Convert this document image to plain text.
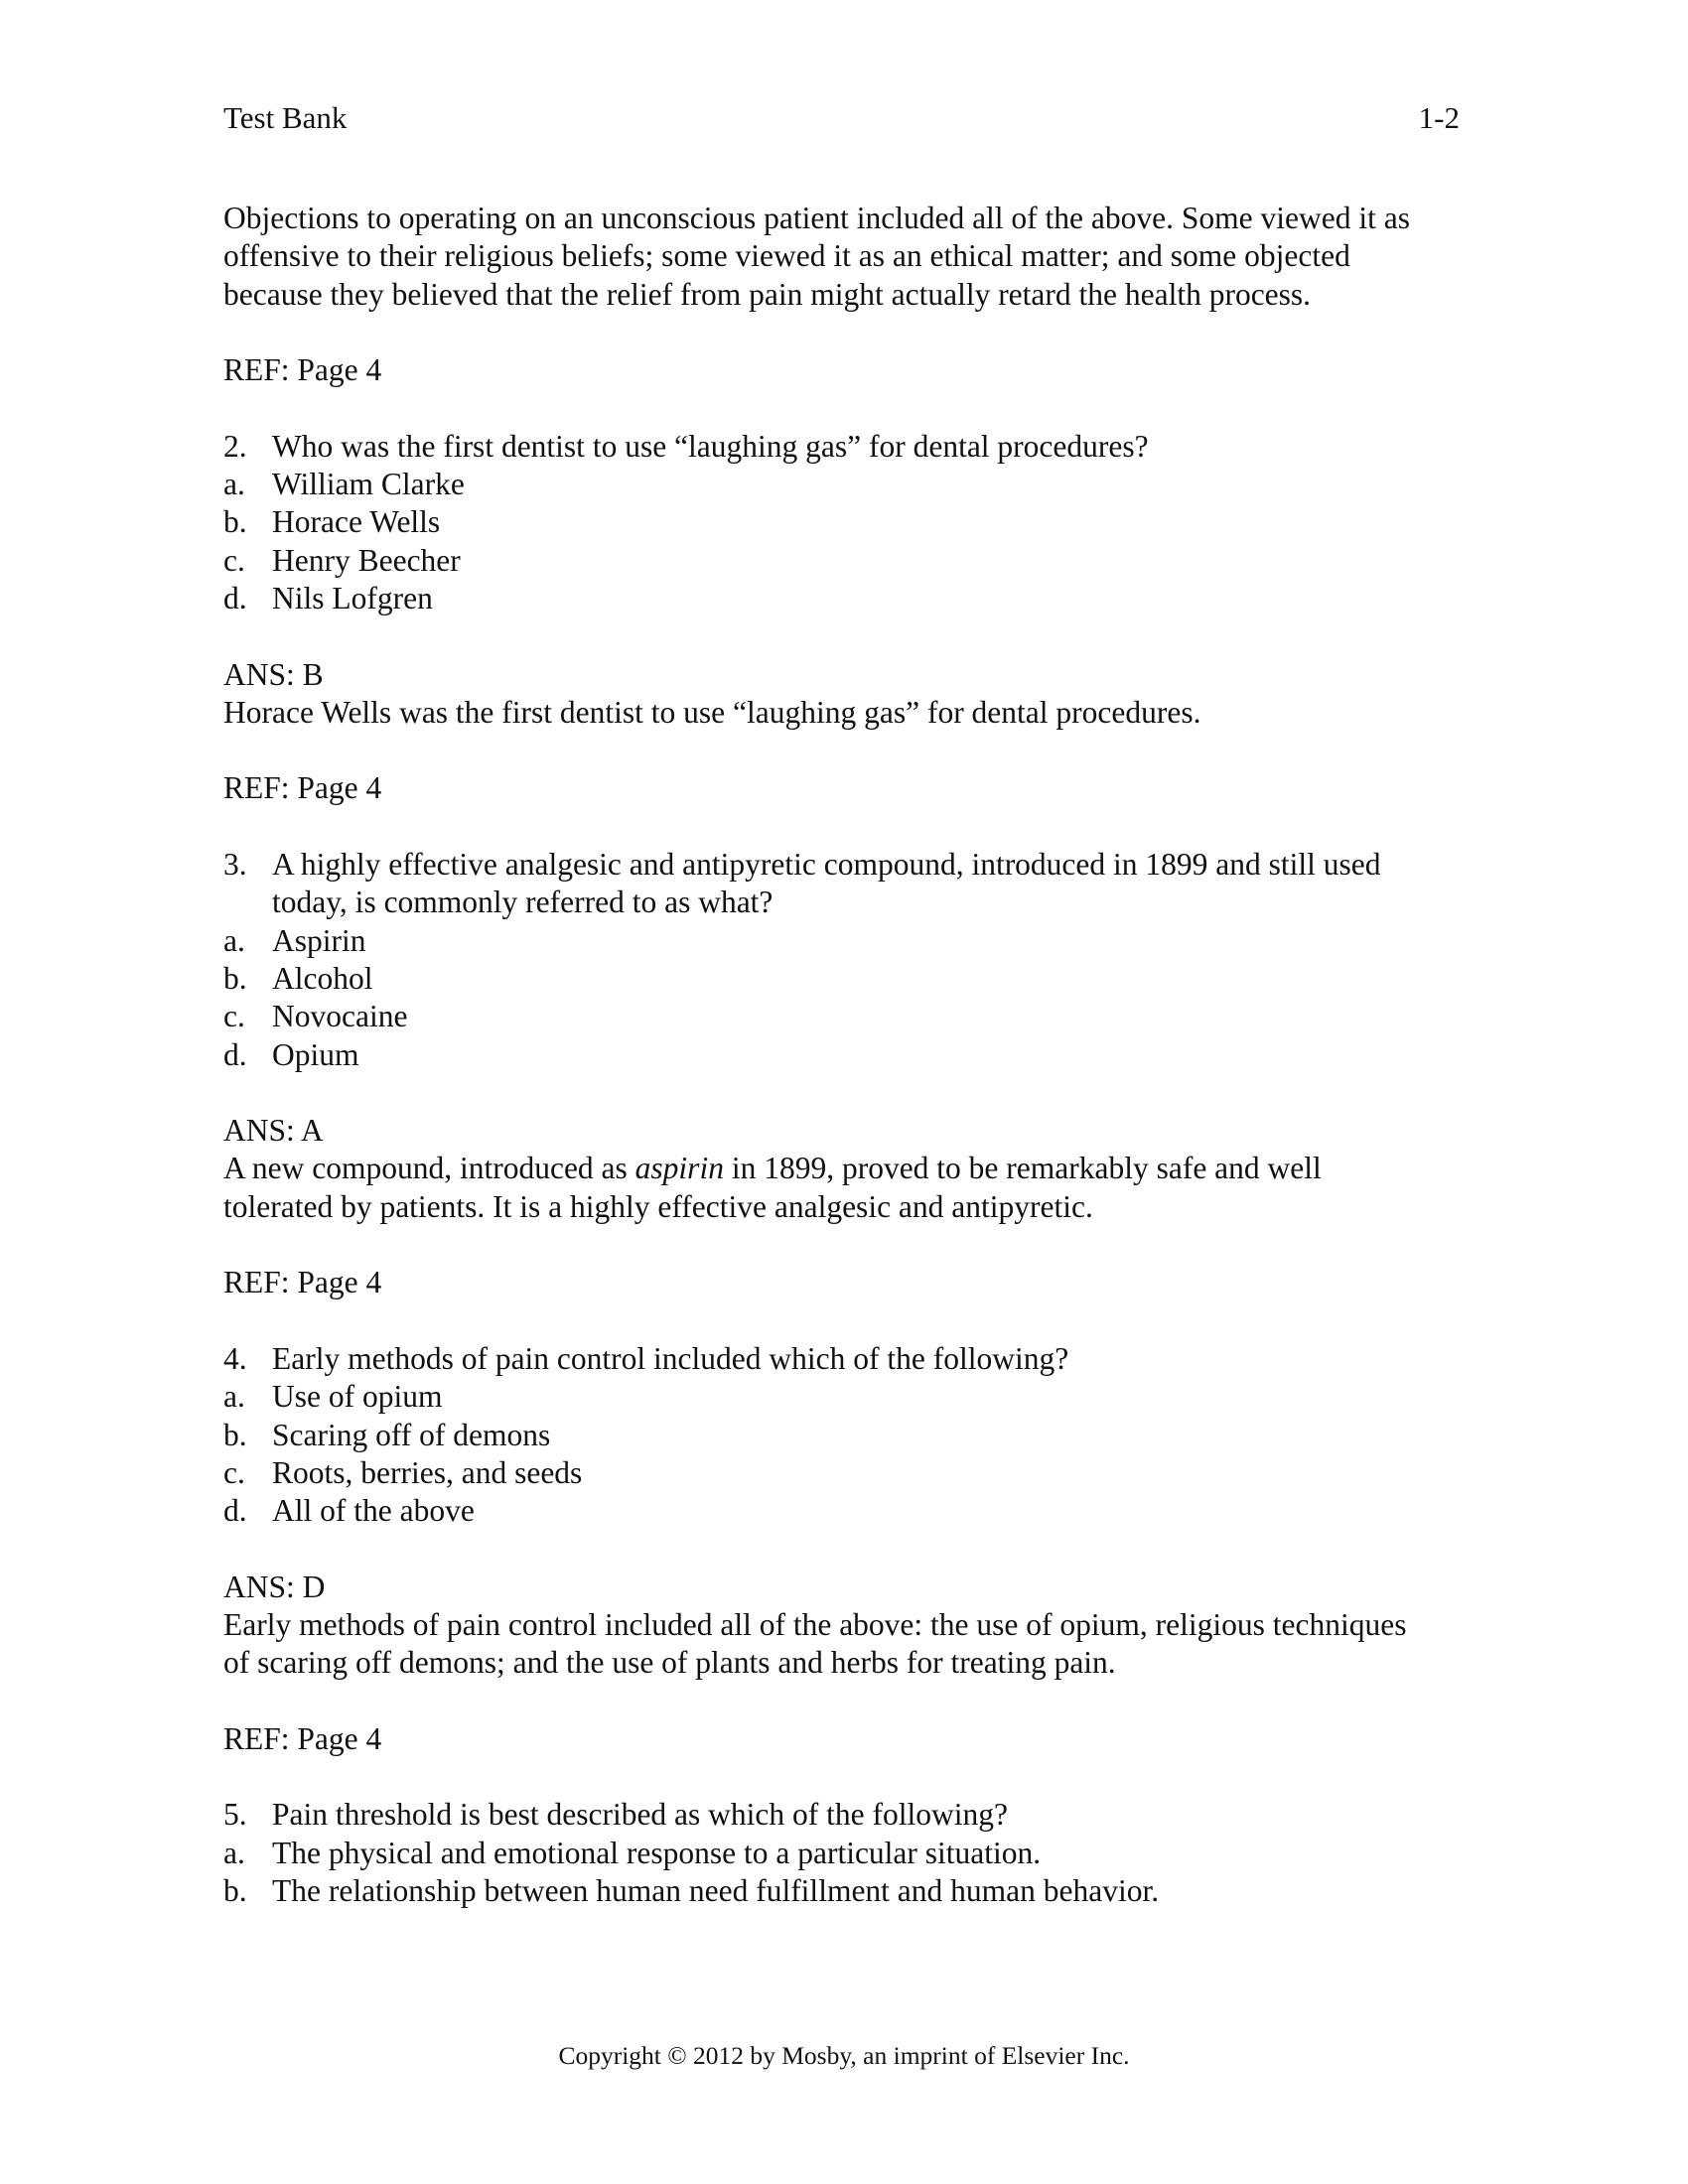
Test Bank	1-2

Objections to operating on an unconscious patient included all of the above. Some viewed it as offensive to their religious beliefs; some viewed it as an ethical matter; and some objected because they believed that the relief from pain might actually retard the health process.

REF: Page 4

2. Who was the first dentist to use “laughing gas” for dental procedures?
a. William Clarke
b. Horace Wells
c. Henry Beecher
d. Nils Lofgren

ANS: B

Horace Wells was the first dentist to use “laughing gas” for dental procedures.

REF: Page 4

3. A highly effective analgesic and antipyretic compound, introduced in 1899 and still used today, is commonly referred to as what?
a. Aspirin
b. Alcohol
c. Novocaine
d. Opium

ANS: A

A new compound, introduced as aspirin in 1899, proved to be remarkably safe and well tolerated by patients. It is a highly effective analgesic and antipyretic.

REF: Page 4

4. Early methods of pain control included which of the following?
a. Use of opium
b. Scaring off of demons
c. Roots, berries, and seeds
d. All of the above

ANS: D

Early methods of pain control included all of the above: the use of opium, religious techniques of scaring off demons; and the use of plants and herbs for treating pain.

REF: Page 4

5. Pain threshold is best described as which of the following?
a. The physical and emotional response to a particular situation.
b. The relationship between human need fulfillment and human behavior.
Copyright © 2012 by Mosby, an imprint of Elsevier Inc.
